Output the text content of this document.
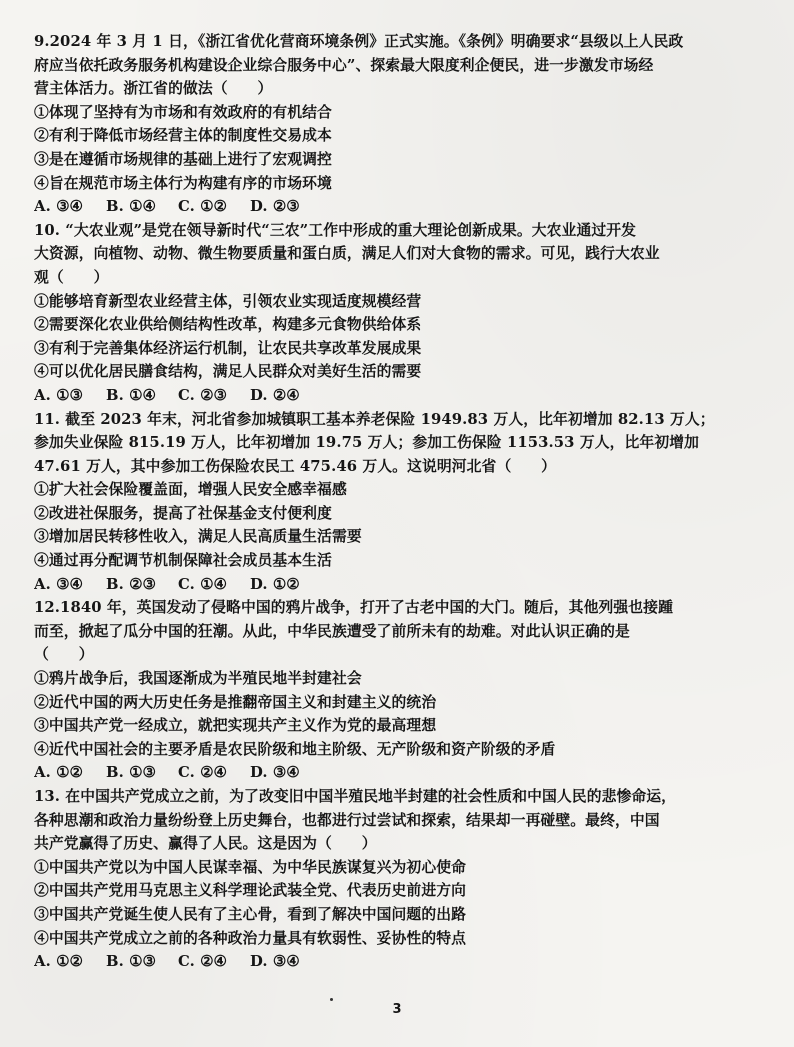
9.2024 年 3 月 1 日，《浙江省优化营商环境条例》正式实施。《条例》明确要求“县级以上人民政
府应当依托政务服务机构建设企业综合服务中心”、探索最大限度利企便民，进一步激发市场经
营主体活力。浙江省的做法（　　）
①体现了坚持有为市场和有效政府的有机结合
②有利于降低市场经营主体的制度性交易成本
③是在遵循市场规律的基础上进行了宏观调控
④旨在规范市场主体行为构建有序的市场环境
A. ③④ B. ①④ C. ①② D. ②③
10. “大农业观”是党在领导新时代“三农”工作中形成的重大理论创新成果。大农业通过开发
大资源，向植物、动物、微生物要质量和蛋白质，满足人们对大食物的需求。可见，践行大农业
观（　　）
①能够培育新型农业经营主体，引领农业实现适度规模经营
②需要深化农业供给侧结构性改革，构建多元食物供给体系
③有利于完善集体经济运行机制，让农民共享改革发展成果
④可以优化居民膳食结构，满足人民群众对美好生活的需要
A. ①③ B. ①④ C. ②③ D. ②④
11. 截至 2023 年末，河北省参加城镇职工基本养老保险 1949.83 万人，比年初增加 82.13 万人；
参加失业保险 815.19 万人，比年初增加 19.75 万人；参加工伤保险 1153.53 万人，比年初增加
47.61 万人，其中参加工伤保险农民工 475.46 万人。这说明河北省（　　）
①扩大社会保险覆盖面，增强人民安全感幸福感
②改进社保服务，提高了社保基金支付便利度
③增加居民转移性收入，满足人民高质量生活需要
④通过再分配调节机制保障社会成员基本生活
A. ③④ B. ②③ C. ①④ D. ①②
12.1840 年，英国发动了侵略中国的鸦片战争，打开了古老中国的大门。随后，其他列强也接踵
而至，掀起了瓜分中国的狂潮。从此，中华民族遭受了前所未有的劫难。对此认识正确的是
（　　）
①鸦片战争后，我国逐渐成为半殖民地半封建社会
②近代中国的两大历史任务是推翻帝国主义和封建主义的统治
③中国共产党一经成立，就把实现共产主义作为党的最高理想
④近代中国社会的主要矛盾是农民阶级和地主阶级、无产阶级和资产阶级的矛盾
A. ①② B. ①③ C. ②④ D. ③④
13. 在中国共产党成立之前，为了改变旧中国半殖民地半封建的社会性质和中国人民的悲惨命运，
各种思潮和政治力量纷纷登上历史舞台，也都进行过尝试和探索，结果却一再碰壁。最终，中国
共产党赢得了历史、赢得了人民。这是因为（　　）
①中国共产党以为中国人民谋幸福、为中华民族谋复兴为初心使命
②中国共产党用马克思主义科学理论武装全党、代表历史前进方向
③中国共产党诞生使人民有了主心骨，看到了解决中国问题的出路
④中国共产党成立之前的各种政治力量具有软弱性、妥协性的特点
A. ①② B. ①③ C. ②④ D. ③④
3
